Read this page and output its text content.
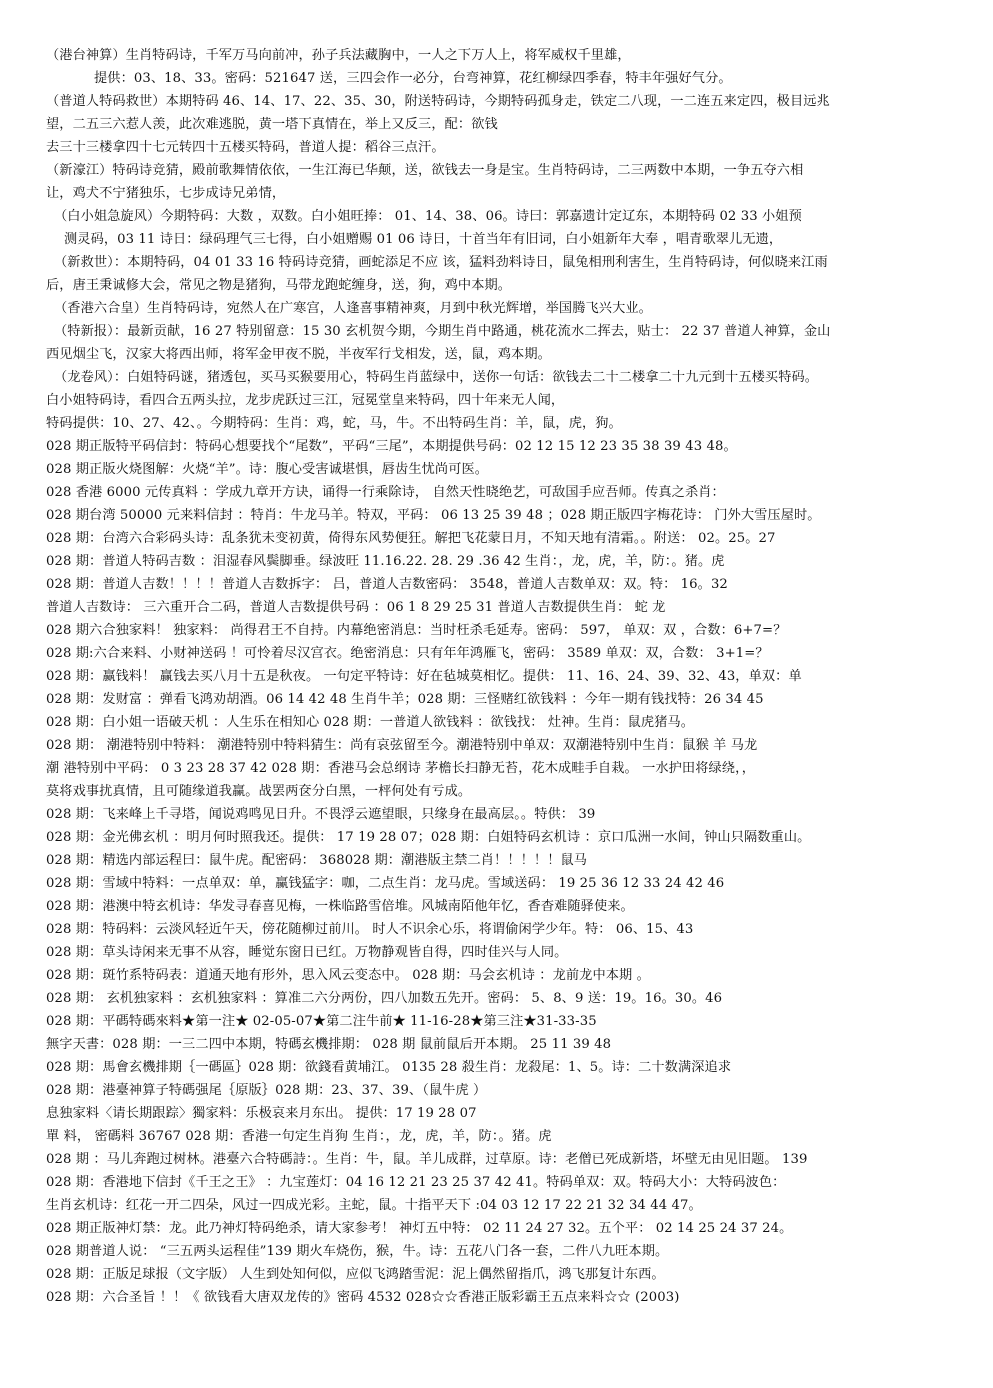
（港台神算）生肖特码诗，千军万马向前冲，孙子兵法藏胸中，一人之下万人上，将军威权千里雄，
提供：03、18、33。密码：521647 送，三四会作一必分，台弯神算，花红柳绿四季春，特丰年强好气分。
（普道人特码救世）本期特码 46、14、17、22、35、30，附送特码诗，今期特码孤身走，铁定二八现，一二连五来定四，极目远兆
望，二五三六惹人羡，此次难逃脱，黄一塔下真情在，举上又反三，配：欲钱
去三十三楼拿四十七元转四十五楼买特码，普道人提：稻谷三点汗。
（新濠江）特码诗竞猜，殿前歌舞情依依，一生江海已华颠，送，欲钱去一身是宝。生肖特码诗，二三两数中本期，一争五夺六相
让，鸡犬不宁猪独乐，七步成诗兄弟情，
（白小姐急旋风）今期特码：大数 ，双数。白小姐旺捧： 01、14、38、06。诗曰：郭嘉遗计定辽东，本期特码 02 33 小姐预
测灵码，03 11 诗日：绿码理气三七得，白小姐赠赐 01 06 诗日，十首当年有旧词，白小姐新年大奉 ，唱青歌翠儿无遗，
（新救世）：本期特码，04 01 33 16 特码诗竞猜，画蛇添足不应 该，猛料劲料诗日，鼠兔相刑利害生，生肖特码诗，何似晓来江雨
后，唐王秉诚修大会，常见之物是猪狗，马带龙跑蛇缠身，送，狗，鸡中本期。
（香港六合皇）生肖特码诗，宛然人在广寒宫，人逢喜事精神爽，月到中秋光辉增，举国腾飞兴大业。
（特新报）：最新贡献，16 27 特别留意：15 30 玄机贺今期，今期生肖中路通，桃花流水二挥去，贴士： 22 37 普道人神算，金山
西见烟尘飞，汉家大将西出师，将军金甲夜不脱，半夜军行戈相发，送，鼠，鸡本期。
（龙卷风）：白姐特码谜，猪透包，买马买猴要用心，特码生肖蓝绿中，送你一句话：欲钱去二十二楼拿二十九元到十五楼买特码。
白小姐特码诗，看四合五两头拉，龙步虎跃过三江，冠冕堂皇来特码，四十年来无人闻，
特码提供：10、27、42、。今期特码：生肖：鸡，蛇，马，牛。不出特码生肖：羊，鼠，虎，狗。
028 期正版特平码信封：特码心想要找个“尾数”，平码“三尾”，本期提供号码：02 12 15 12 23 35 38 39 43 48。
028 期正版火烧图解：火烧“羊”。诗：腹心受害诚堪惧，唇齿生忧尚可医。
028 香港 6000 元传真料 ：学成九章开方诀，诵得一行乘除诗， 自然天性晓绝艺，可敌国手应吾师。传真之杀肖：
028 期台湾 50000 元来料信封 ：特肖：牛龙马羊。特双，平码： 06 13 25 39 48 ；028 期正版四字梅花诗： 门外大雪压屋时。
028 期：台湾六合彩码头诗：乱条犹未变初黄，倚得东风势便狂。解把飞花蒙日月，不知天地有清霜。。附送： 02。25。27
028 期：普道人特码吉数 ：泪湿春风鬓脚垂。绿波旺 11.16.22. 28. 29 .36 42 生肖：，龙，虎，羊，防：。猪。虎
028 期：普道人吉数！！！！普道人吉数拆字： 吕，普道人吉数密码： 3548，普道人吉数单双：双。特： 16。32
普道人吉数诗： 三六重开合二码，普道人吉数提供号码 ：06 1 8 29 25 31 普道人吉数提供生肖： 蛇 龙
028 期六合独家料！ 独家料： 尚得君王不自持。内幕绝密消息：当时枉杀毛延寿。密码： 597， 单双：双 ，合数：6+7=？
028 期:六合来料、小财神送码 ！可怜着尽汉宫衣。绝密消息：只有年年鸿雁飞，密码： 3589 单双：双，合数： 3+1=？
028 期：赢钱料！ 赢钱去买八月十五是秋夜。 一句定平特诗：好在毡城莫相忆。提供： 11、16、24、39、32、43，单双：单
028 期：发财富 ：弹看飞鸿劝胡酒。06 14 42 48 生肖牛羊；028 期：三怪赌红欲钱料 ：今年一期有钱找特：26 34 45
028 期：白小姐一语破天机 ：人生乐在相知心 028 期：一普道人欲钱料 ：欲钱找： 灶神。生肖：鼠虎猪马。
028 期： 潮港特别中特料： 潮港特别中特料猜生：尚有哀弦留至今。潮港特别中单双：双潮港特别中生肖：鼠猴 羊 马龙
潮 港特别中平码： 0 3 23 28 37 42 028 期：香港马会总纲诗 茅檐长扫静无苔，花木成畦手自栽。 一水护田将绿绕，，
莫将戏事扰真情，且可随缘道我赢。战罢两奁分白黑，一枰何处有亏成。
028 期：飞来峰上千寻塔，闻说鸡鸣见日升。不畏浮云遮望眼，只缘身在最高层。。特供： 39
028 期：金光佛玄机 ：明月何时照我还。提供： 17 19 28 07；028 期：白姐特码玄机诗 ：京口瓜洲一水间，钟山只隔数重山。
028 期：精选内部运程曰：鼠牛虎。配密码： 368028 期：潮港版主禁二肖！！！！！鼠马
028 期：雪域中特料：一点单双：单，赢钱猛字：咖，二点生肖：龙马虎。雪域送码： 19 25 36 12 33 24 42 46
028 期：港澳中特玄机诗：华发寻春喜见梅，一株临路雪倍堆。风城南陌他年忆，香杳难随驿使来。
028 期：特码料：云淡风轻近午天，傍花随柳过前川。 时人不识余心乐，将谓偷闲学少年。特： 06、15、43
028 期：草头诗闲来无事不从容，睡觉东窗日已红。万物静观皆自得，四时佳兴与人同。
028 期：斑竹系特码表：道通天地有形外，思入风云变态中。 028 期：马会玄机诗 ：龙前龙中本期 。
028 期： 玄机独家料 ：玄机独家料 ：算准二六分两份，四八加数五先开。密码： 5、8、9 送：19。16。30。46
028 期：平碼特碼來料★第一注★ 02-05-07★第二注牛前★ 11-16-28★第三注★31-33-35
無字天書：028 期：一三二四中本期，特碼玄機排期： 028 期 鼠前鼠后开本期。 25 11 39 48
028 期：馬會玄機排期｛一碼區｝028 期：欲錢看黄埔江。 0135 28 殺生肖：龙殺尾：1、5。诗：二十数满深追求
028 期：港臺神算子特碼强尾｛原版｝028 期：23、37、39、（鼠牛虎 ）
息独家料〈请长期跟踪〉獨家料：乐极哀来月东出。 提供：17 19 28 07
單 料， 密碼料 36767 028 期：香港一句定生肖狗 生肖：，龙，虎，羊，防：。猪。虎
028 期 ：马儿奔跑过树林。港臺六合特碼詩：。生肖：牛，鼠。羊儿成群，过草原。诗：老僧已死成新塔，坏壁无由见旧题。 139
028 期：香港地下信封《千王之王》 ：九宝莲灯：04 16 12 21 23 25 37 42 41。特码单双：双。特码大小：大特码波色：
生肖玄机诗：红花一开二四朵，风过一四成光彩。主蛇，鼠。十指平天下 :04 03 12 17 22 21 32 34 44 47。
028 期正版神灯禁：龙。此乃神灯特码绝杀，请大家参考！ 神灯五中特： 02 11 24 27 32。五个平： 02 14 25 24 37 24。
028 期普道人说： “三五两头运程佳”139 期火车烧伤，猴，牛。诗：五花八门各一套，二件八九旺本期。
028 期：正版足球报（文字版） 人生到处知何似，应似飞鸿踏雪泥：泥上偶然留指爪，鸿飞那复计东西。
028 期：六合圣旨 ！！《 欲钱看大唐双龙传的》密码 4532 028☆☆香港正版彩霸王五点来料☆☆ (2003)
